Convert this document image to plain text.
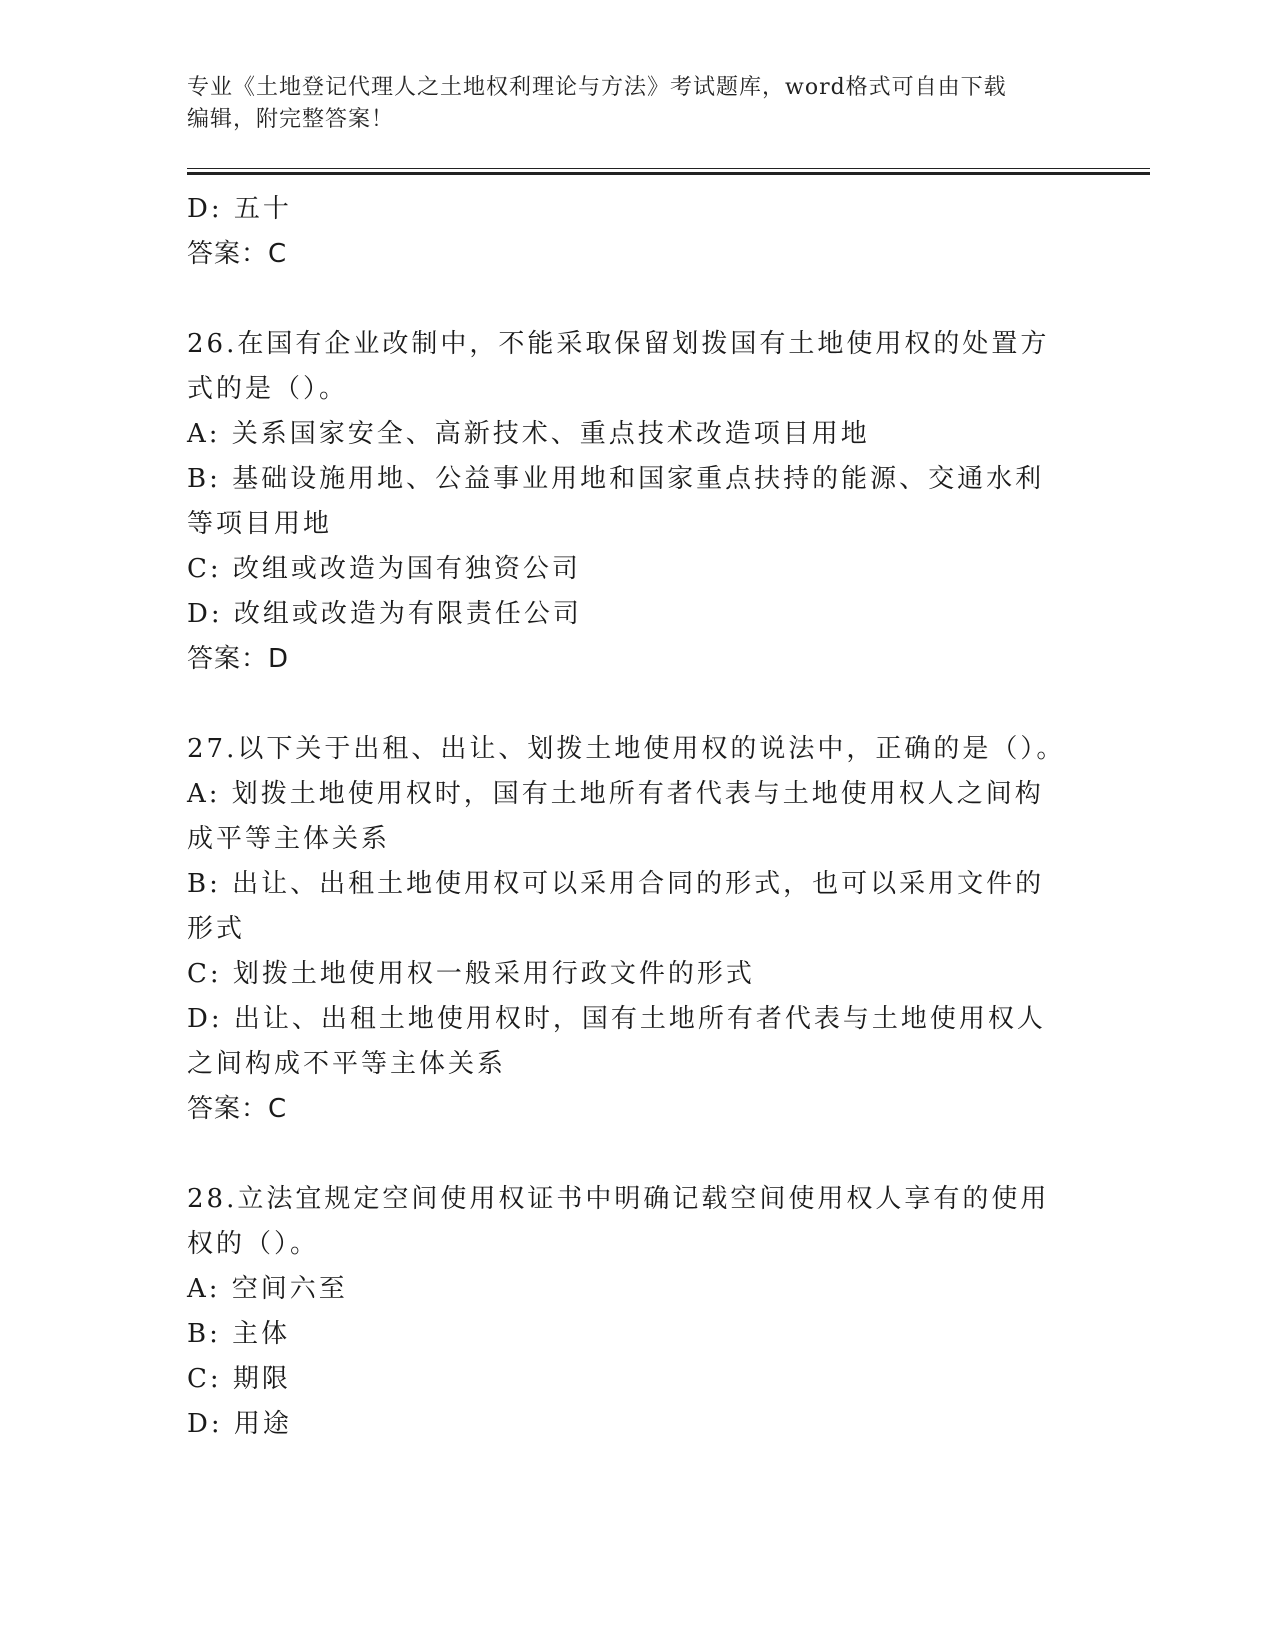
专业《土地登记代理人之土地权利理论与方法》考试题库，word格式可自由下载
编辑，附完整答案！
D: 五十
答案：C
26.在国有企业改制中，不能采取保留划拨国有土地使用权的处置方式的是（）。
A: 关系国家安全、高新技术、重点技术改造项目用地
B: 基础设施用地、公益事业用地和国家重点扶持的能源、交通水利等项目用地
C: 改组或改造为国有独资公司
D: 改组或改造为有限责任公司
答案：D
27.以下关于出租、出让、划拨土地使用权的说法中，正确的是（）。
A: 划拨土地使用权时，国有土地所有者代表与土地使用权人之间构成平等主体关系
B: 出让、出租土地使用权可以采用合同的形式，也可以采用文件的形式
C: 划拨土地使用权一般采用行政文件的形式
D: 出让、出租土地使用权时，国有土地所有者代表与土地使用权人之间构成不平等主体关系
答案：C
28.立法宜规定空间使用权证书中明确记载空间使用权人享有的使用权的（）。
A: 空间六至
B: 主体
C: 期限
D: 用途
